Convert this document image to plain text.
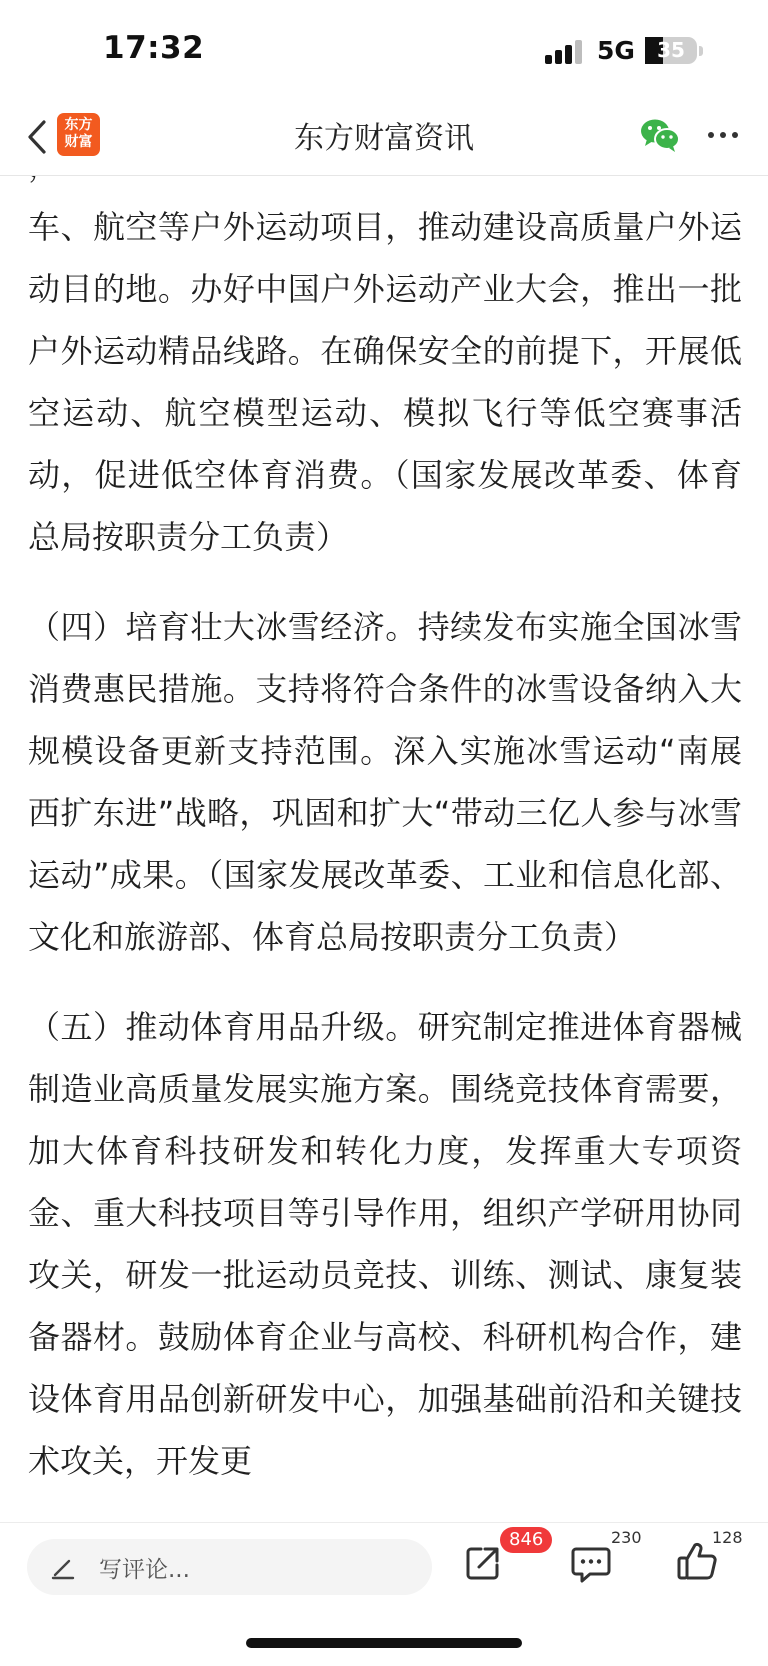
17:32	5G	35
东方
财富	东方财富资讯

车、航空等户外运动项目，推动建设高质量户外运动目的地。办好中国户外运动产业大会，推出一批户外运动精品线路。在确保安全的前提下，开展低空运动、航空模型运动、模拟飞行等低空赛事活动，促进低空体育消费。（国家发展改革委、体育总局按职责分工负责）

（四）培育壮大冰雪经济。持续发布实施全国冰雪消费惠民措施。支持将符合条件的冰雪设备纳入大规模设备更新支持范围。深入实施冰雪运动“南展西扩东进”战略，巩固和扩大“带动三亿人参与冰雪运动”成果。（国家发展改革委、工业和信息化部、文化和旅游部、体育总局按职责分工负责）

（五）推动体育用品升级。研究制定推进体育器械制造业高质量发展实施方案。围绕竞技体育需要，加大体育科技研发和转化力度，发挥重大专项资金、重大科技项目等引导作用，组织产学研用协同攻关，研发一批运动员竞技、训练、测试、康复装备器材。鼓励体育企业与高校、科研机构合作，建设体育用品创新研发中心，加强基础前沿和关键技术攻关，开发更

写评论...
846	230	128
